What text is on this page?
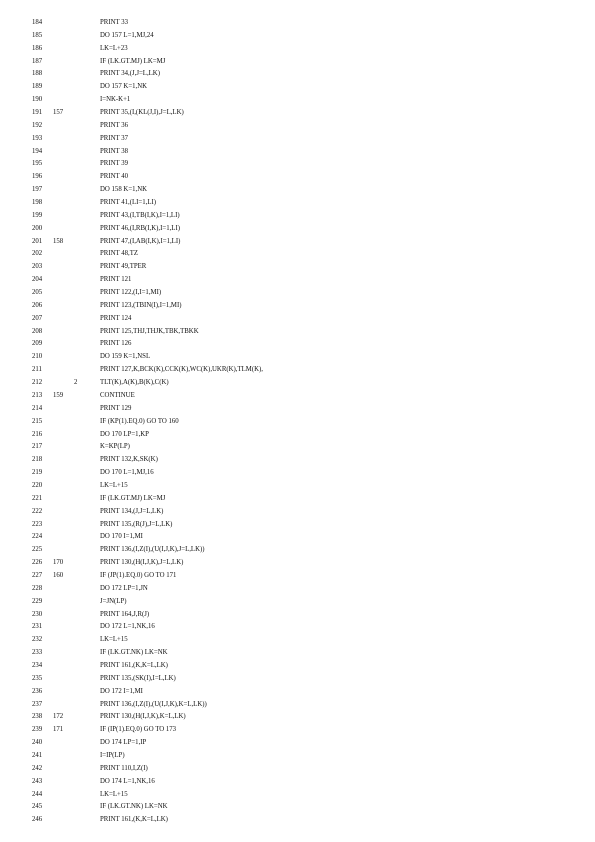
184	PRINT 33
185	DO 157 L=1,MJ,24
186	LK=L+23
187	IF (LK.GT.MJ) LK=MJ
188	PRINT 34,(J,J=L,LK)
189	DO 157 K=1,NK
190	I=NK-K+1
191 157	PRINT 35,(I,(KL(J,I),J=L,LK)
192	PRINT 36
193	PRINT 37
194	PRINT 38
195	PRINT 39
196	PRINT 40
197	DO 158 K=1,NK
198	PRINT 41,(LI=1,LI)
199	PRINT 43,(I,TB(I,K),I=1,LI)
200	PRINT 46,(I,RB(I,K),I=1,LI)
201 158	PRINT 47,(I,AB(I,K),I=1,LI)
202	PRINT 48,TZ
203	PRINT 49,TPER
204	PRINT 121
205	PRINT 122,(I,I=1,MI)
206	PRINT 123,(TBIN(I),I=1,MI)
207	PRINT 124
208	PRINT 125,THJ,THJK,TBK,TBKK
209	PRINT 126
210	DO 159 K=1,NSL
211	PRINT 127,K,BCK(K),CCK(K),WC(K),UKR(K),TLM(K),
212	2	TLT(K),A(K),B(K),C(K)
213 159	CONTINUE
214	PRINT 129
215	IF (KP(1).EQ.0) GO TO 160
216	DO 170 LP=1,KP
217	K=KP(LP)
218	PRINT 132,K,SK(K)
219	DO 170 L=1,MJ,16
220	LK=L+15
221	IF (LK.GT.MJ) LK=MJ
222	PRINT 134,(J,J=L,LK)
223	PRINT 135,(R(J),J=L,LK)
224	DO 170 I=1,MI
225	PRINT 136,(I,Z(I),(U(I,J,K),J=L,LK))
226 170	PRINT 130,(H(I,J,K),J=L,LK)
227 160	IF (JP(1).EQ.0) GO TO 171
228	DO 172 LP=1,JN
229	J=JN(LP)
230	PRINT 164,J,R(J)
231	DO 172 L=1,NK,16
232	LK=L+15
233	IF (LK.GT.NK) LK=NK
234	PRINT 161,(K,K=L,LK)
235	PRINT 135,(SK(I),I=L,LK)
236	DO 172 I=1,MI
237	PRINT 136,(I,Z(I),(U(I,J,K),K=L,LK))
238 172	PRINT 130,(H(I,J,K),K=L,LK)
239 171	IF (IP(1).EQ.0) GO TO 173
240	DO 174 LP=1,IP
241	I=IP(LP)
242	PRINT 110,I,Z(I)
243	DO 174 L=1,NK,16
244	LK=L+15
245	IF (LK.GT.NK) LK=NK
246	PRINT 161,(K,K=L,LK)
